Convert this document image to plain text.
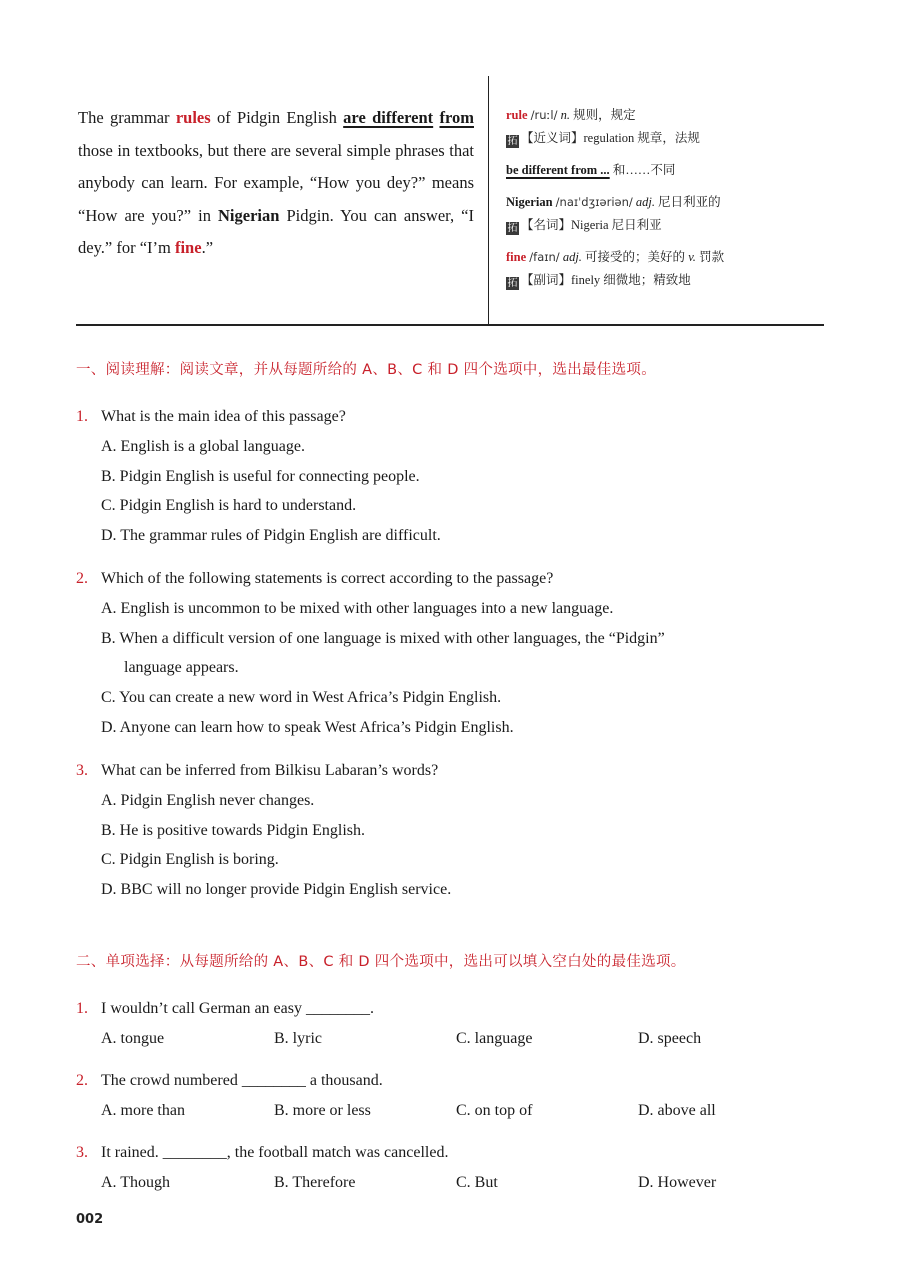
The grammar rules of Pidgin English are different from those in textbooks, but there are several simple phrases that anybody can learn. For example, “How you dey?” means “How are you?” in Nigerian Pidgin. You can answer, “I dey.” for “I’m fine.”
rule /ruːl/ n. 规则，规定
拓 【近义词】regulation 规章，法规
be different from ... 和……不同
Nigerian /naɪˈdʒɪəriən/ adj. 尼日利亚的
拓 【名词】Nigeria 尼日利亚
fine /faɪn/ adj. 可接受的；美好的 v. 罚款
拓 【副词】finely 细微地；精致地
一、阅读理解：阅读文章，并从每题所给的 A、B、C 和 D 四个选项中，选出最佳选项。
1. What is the main idea of this passage?
A. English is a global language.
B. Pidgin English is useful for connecting people.
C. Pidgin English is hard to understand.
D. The grammar rules of Pidgin English are difficult.
2. Which of the following statements is correct according to the passage?
A. English is uncommon to be mixed with other languages into a new language.
B. When a difficult version of one language is mixed with other languages, the “Pidgin”
language appears.
C. You can create a new word in West Africa’s Pidgin English.
D. Anyone can learn how to speak West Africa’s Pidgin English.
3. What can be inferred from Bilkisu Labaran’s words?
A. Pidgin English never changes.
B. He is positive towards Pidgin English.
C. Pidgin English is boring.
D. BBC will no longer provide Pidgin English service.
二、单项选择：从每题所给的 A、B、C 和 D 四个选项中，选出可以填入空白处的最佳选项。
1. I wouldn’t call German an easy ________.
A. tongue	B. lyric	C. language	D. speech
2. The crowd numbered ________ a thousand.
A. more than	B. more or less	C. on top of	D. above all
3. It rained. ________, the football match was cancelled.
A. Though	B. Therefore	C. But	D. However
002
